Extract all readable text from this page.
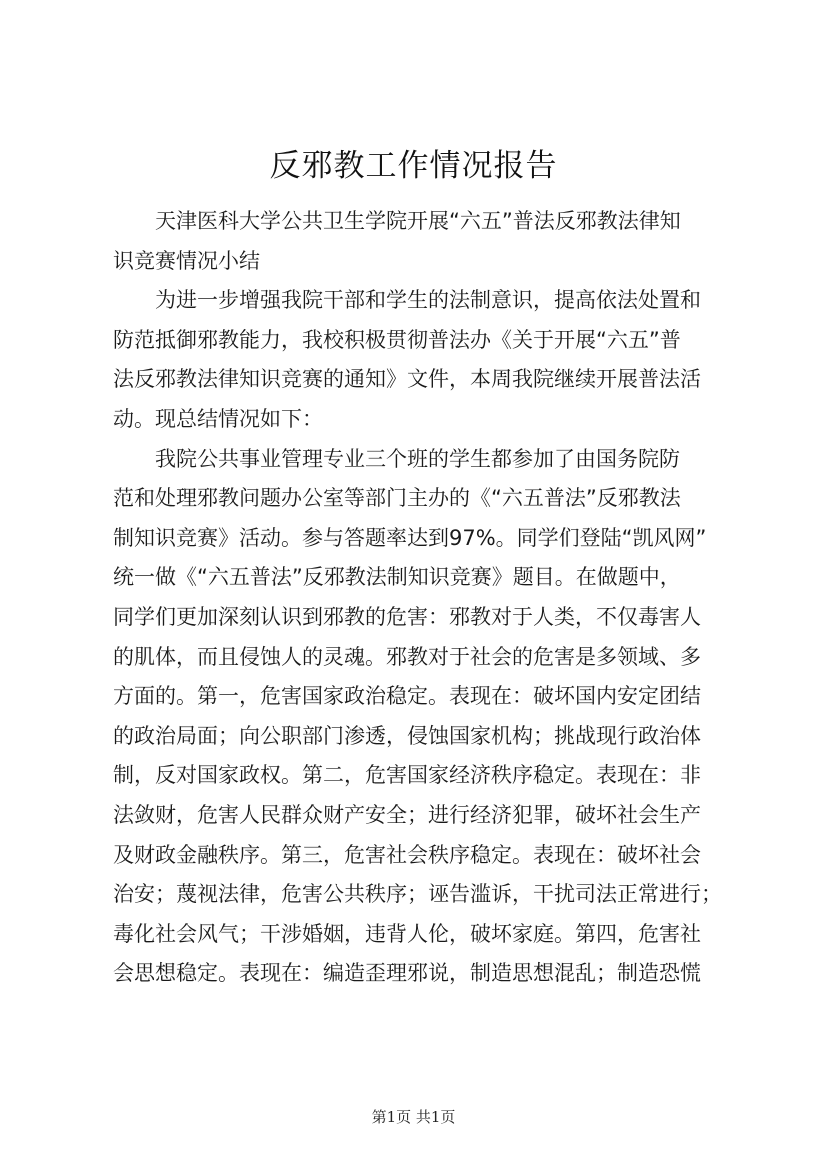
反邪教工作情况报告
天津医科大学公共卫生学院开展“六五”普法反邪教法律知
识竞赛情况小结
为进一步增强我院干部和学生的法制意识，提高依法处置和
防范抵御邪教能力，我校积极贯彻普法办《关于开展“六五”普
法反邪教法律知识竞赛的通知》文件，本周我院继续开展普法活
动。现总结情况如下：
我院公共事业管理专业三个班的学生都参加了由国务院防
范和处理邪教问题办公室等部门主办的《“六五普法”反邪教法
制知识竞赛》活动。参与答题率达到97%。同学们登陆“凯风网”
统一做《“六五普法”反邪教法制知识竞赛》题目。在做题中，
同学们更加深刻认识到邪教的危害：邪教对于人类，不仅毒害人
的肌体，而且侵蚀人的灵魂。邪教对于社会的危害是多领域、多
方面的。第一，危害国家政治稳定。表现在：破坏国内安定团结
的政治局面；向公职部门渗透，侵蚀国家机构；挑战现行政治体
制，反对国家政权。第二，危害国家经济秩序稳定。表现在：非
法敛财，危害人民群众财产安全；进行经济犯罪，破坏社会生产
及财政金融秩序。第三，危害社会秩序稳定。表现在：破坏社会
治安；蔑视法律，危害公共秩序；诬告滥诉，干扰司法正常进行；
毒化社会风气；干涉婚姻，违背人伦，破坏家庭。第四，危害社
会思想稳定。表现在：编造歪理邪说，制造思想混乱；制造恐慌
第1页 共1页
